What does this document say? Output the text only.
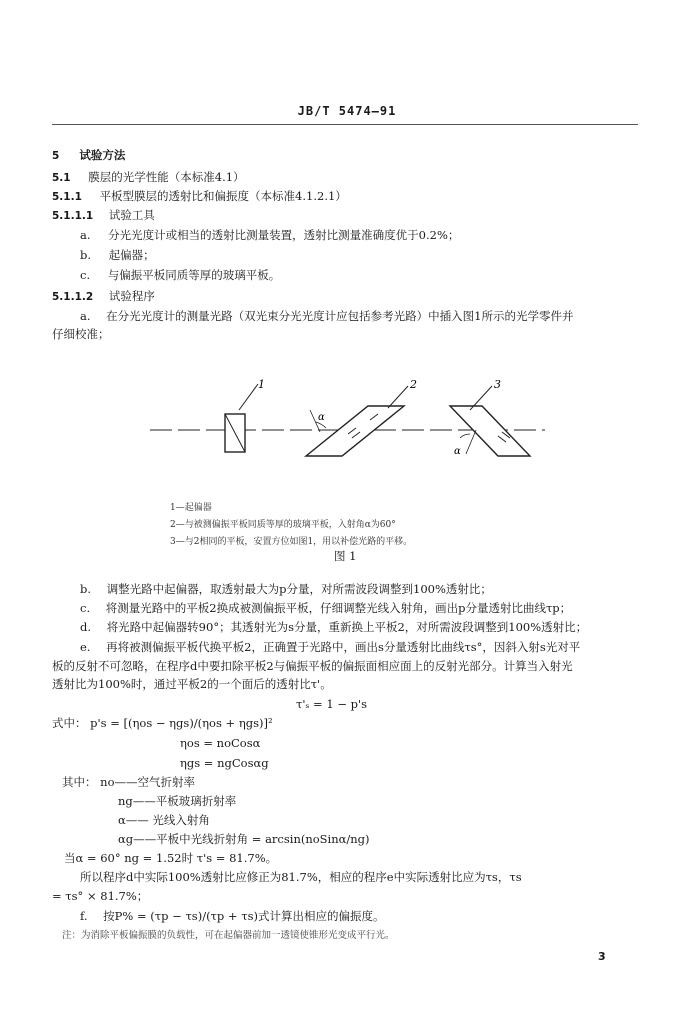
JB/T 5474—91
5 试验方法
5.1 膜层的光学性能（本标准4.1）
5.1.1 平板型膜层的透射比和偏振度（本标准4.1.2.1）
5.1.1.1 试验工具
a. 分光光度计或相当的透射比测量装置，透射比测量准确度优于0.2%；
b. 起偏器；
c. 与偏振平板同质等厚的玻璃平板。
5.1.1.2 试验程序
a. 在分光光度计的测量光路（双光束分光光度计应包括参考光路）中插入图1所示的光学零件并
仔细校准；
1	2
α
3
α
1—起偏器
2—与被测偏振平板同质等厚的玻璃平板，入射角α为60°
3—与2相同的平板，安置方位如图1，用以补偿光路的平移。
图 1
b. 调整光路中起偏器，取透射最大为p分量，对所需波段调整到100%透射比；
c. 将测量光路中的平板2换成被测偏振平板，仔细调整光线入射角，画出p分量透射比曲线τp；
d. 将光路中起偏器转90°；其透射光为s分量，重新换上平板2，对所需波段调整到100%透射比；
e. 再将被测偏振平板代换平板2，正确置于光路中，画出s分量透射比曲线τs°，因斜入射s光对平
板的反射不可忽略，在程序d中要扣除平板2与偏振平板的偏振面相应面上的反射光部分。计算当入射光
透射比为100%时，通过平板2的一个面后的透射比τ'。
τ'ₛ = 1 − p's
式中： p's = [(ηos − ηgs)/(ηos + ηgs)]²
ηos = noCosα
ηgs = ngCosαg
其中： no——空气折射率
ng——平板玻璃折射率
α—— 光线入射角
αg——平板中光线折射角 = arcsin(noSinα/ng)
当α = 60° ng = 1.52时 τ's = 81.7%。
所以程序d中实际100%透射比应修正为81.7%，相应的程序e中实际透射比应为τs，τs
= τs° × 81.7%；
f. 按P% = (τp − τs)/(τp + τs)式计算出相应的偏振度。
注：为消除平板偏振膜的负载性，可在起偏器前加一透镜使锥形光变成平行光。
3
